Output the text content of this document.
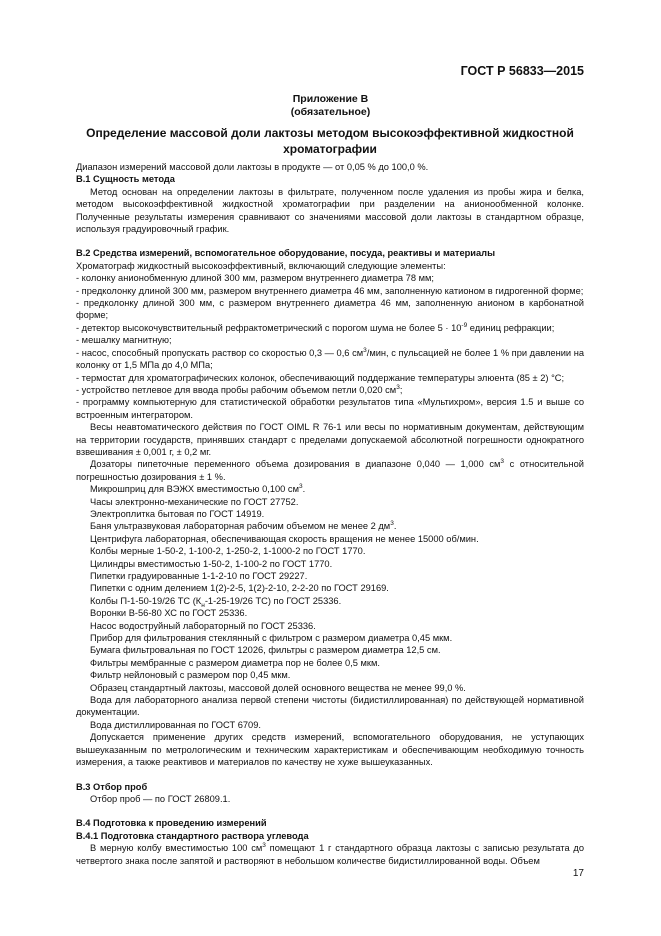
ГОСТ Р 56833—2015
Приложение В
(обязательное)
Определение массовой доли лактозы методом высокоэффективной жидкостной хроматографии

Диапазон измерений массовой доли лактозы в продукте — от 0,05 % до 100,0 %.

В.1 Сущность метода

Метод основан на определении лактозы в фильтрате, полученном после удаления из пробы жира и белка, методом высокоэффективной жидкостной хроматографии при разделении на анионообменной колонке. Полученные результаты измерения сравнивают со значениями массовой доли лактозы в стандартном образце, используя градуировочный график.

В.2 Средства измерений, вспомогательное оборудование, посуда, реактивы и материалы

Хроматограф жидкостный высокоэффективный, включающий следующие элементы:

- колонку анионобменную длиной 300 мм, размером внутреннего диаметра 78 мм;

- предколонку длиной 300 мм, размером внутреннего диаметра 46 мм, заполненную катионом в гидрогенной форме;

- предколонку длиной 300 мм, с размером внутреннего диаметра 46 мм, заполненную анионом в карбонатной форме;

- детектор высокочувствительный рефрактометрический с порогом шума не более $5 \cdot 10^{-9}$ единиц рефракции;

- мешалку магнитную;

- насос, способный пропускать раствор со скоростью 0,3 — 0,6 $см^3$/мин, с пульсацией не более 1 % при давлении на колонку от 1,5 МПа до 4,0 МПа;

- термостат для хроматографических колонок, обеспечивающий поддержание температуры элюента (85 ± 2) °С;

- устройство петлевое для ввода пробы рабочим объемом петли 0,020 $см^3$;

- программу компьютерную для статистической обработки результатов типа «Мультихром», версия 1.5 и выше со встроенным интегратором.

Весы неавтоматического действия по ГОСТ OIML R 76-1 или весы по нормативным документам, действующим на территории государств, принявших стандарт с пределами допускаемой абсолютной погрешности однократного взвешивания ± 0,001 г, ± 0,2 мг.

Дозаторы пипеточные переменного объема дозирования в диапазоне 0,040 — 1,000 $см^3$ с относительной погрешностью дозирования ± 1 %.

Микрошприц для ВЭЖХ вместимостью 0,100 $см^3$.

Часы электронно-механические по ГОСТ 27752.

Электроплитка бытовая по ГОСТ 14919.

Баня ультразвуковая лабораторная рабочим объемом не менее 2 $дм^3$.

Центрифуга лабораторная, обеспечивающая скорость вращения не менее 15000 об/мин.

Колбы мерные 1-50-2, 1-100-2, 1-250-2, 1-1000-2 по ГОСТ 1770.

Цилиндры вместимостью 1-50-2, 1-100-2 по ГОСТ 1770.

Пипетки градуированные 1-1-2-10 по ГОСТ 29227.

Пипетки с одним делением 1(2)-2-5, 1(2)-2-10, 2-2-20 по ГОСТ 29169.

Колбы П-1-50-19/26 ТС ($К_н-1-25-19/26$ ТС) по ГОСТ 25336.

Воронки В-56-80 ХС по ГОСТ 25336.

Насос водоструйный лабораторный по ГОСТ 25336.

Прибор для фильтрования стеклянный с фильтром с размером диаметра 0,45 мкм.

Бумага фильтровальная по ГОСТ 12026, фильтры с размером диаметра 12,5 см.

Фильтры мембранные с размером диаметра пор не более 0,5 мкм.

Фильтр нейлоновый с размером пор 0,45 мкм.

Образец стандартный лактозы, массовой долей основного вещества не менее 99,0 %.

Вода для лабораторного анализа первой степени чистоты (бидистиллированная) по действующей нормативной документации.

Вода дистиллированная по ГОСТ 6709.

Допускается применение других средств измерений, вспомогательного оборудования, не уступающих вышеуказанным по метрологическим и техническим характеристикам и обеспечивающим необходимую точность измерения, а также реактивов и материалов по качеству не хуже вышеуказанных.

В.3 Отбор проб

Отбор проб — по ГОСТ 26809.1.

В.4 Подготовка к проведению измерений

В.4.1 Подготовка стандартного раствора углевода

В мерную колбу вместимостью 100 $см^3$ помещают 1 г стандартного образца лактозы с записью результата до четвертого знака после запятой и растворяют в небольшом количестве бидистиллированной воды. Объем

17
